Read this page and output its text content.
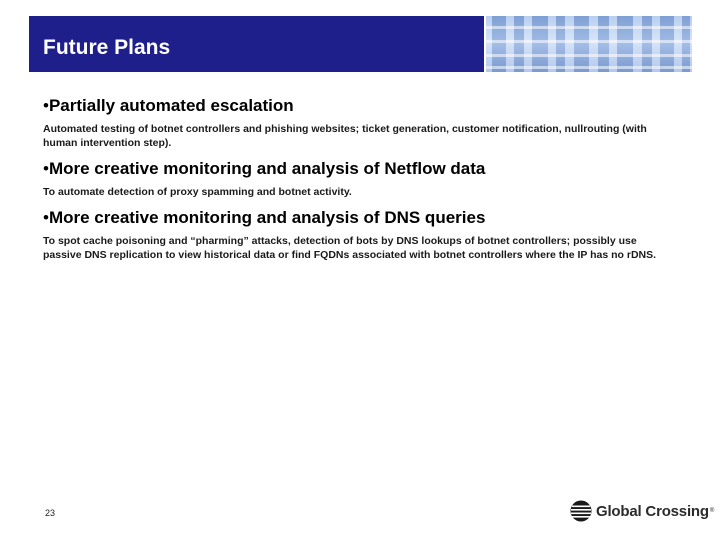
Future Plans

•Partially automated escalation

Automated testing of botnet controllers and phishing websites; ticket generation, customer notification, nullrouting (with human intervention step).

•More creative monitoring and analysis of Netflow data

To automate detection of proxy spamming and botnet activity.

•More creative monitoring and analysis of DNS queries

To spot cache poisoning and “pharming” attacks, detection of bots by DNS lookups of botnet controllers; possibly use passive DNS replication to view historical data or find FQDNs associated with botnet controllers where the IP has no rDNS.

23	Global Crossing ®
